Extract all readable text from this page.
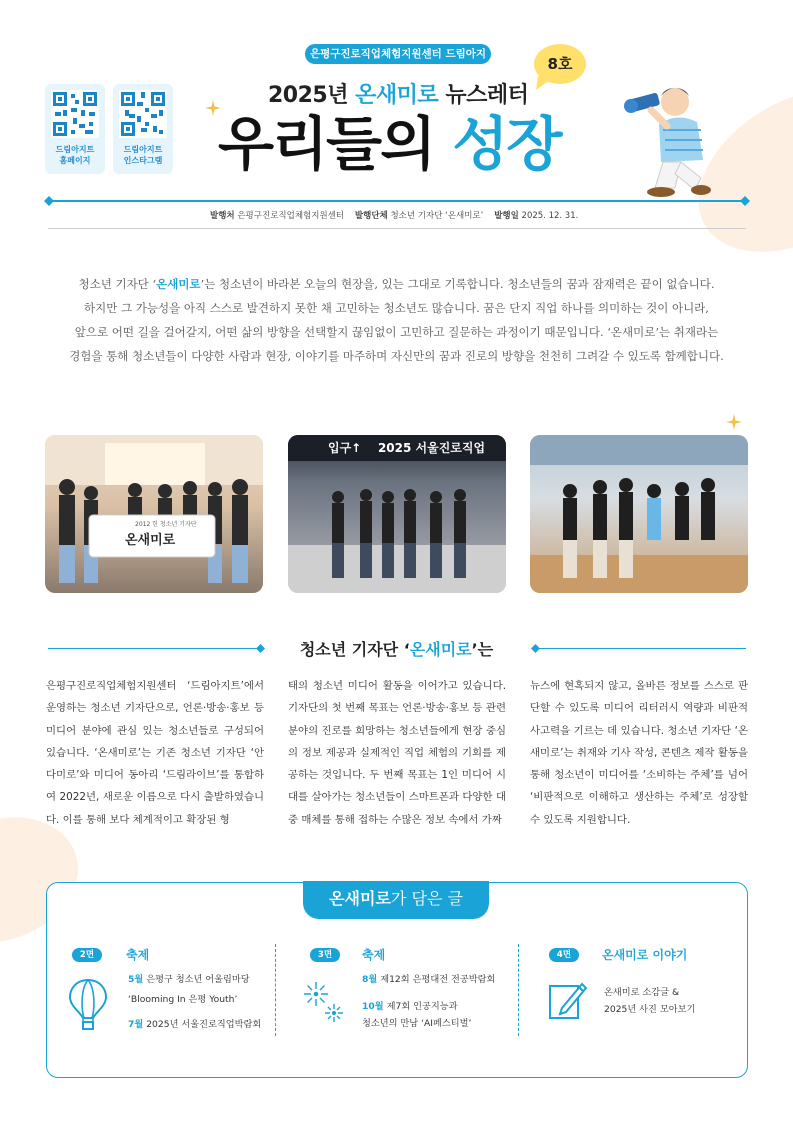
은평구진로직업체험지원센터 드림아지트
드림아지트
홈페이지
드림아지트
인스타그램
2025년 온새미로 뉴스레터
8호
우리들의 성장
발행처 은평구진로직업체험지원센터 발행단체 청소년 기자단 ‘온새미로’ 발행일 2025. 12. 31.
청소년 기자단 ‘온새미로’는 청소년이 바라본 오늘의 현장을, 있는 그대로 기록합니다. 청소년들의 꿈과 잠재력은 끝이 없습니다.
하지만 그 가능성을 아직 스스로 발견하지 못한 채 고민하는 청소년도 많습니다. 꿈은 단지 직업 하나를 의미하는 것이 아니라,
앞으로 어떤 길을 걸어갈지, 어떤 삶의 방향을 선택할지 끊임없이 고민하고 질문하는 과정이기 때문입니다. ‘온새미로’는 취재라는
경험을 통해 청소년들이 다양한 사람과 현장, 이야기를 마주하며 자신만의 꿈과 진로의 방향을 천천히 그려갈 수 있도록 함께합니다.
2012 힌 청소년 기자단
온새미로
입구↑    2025 서울진로직업
청소년 기자단 ‘온새미로’는
은평구진로직업체험지원센터 ‘드림아지트’에서 운영하는 청소년 기자단으로, 언론·방송·홍보 등 미디어 분야에 관심 있는 청소년들로 구성되어 있습니다. ‘온새미로’는 기존 청소년 기자단 ‘안다미로’와 미디어 동아리 ‘드림라이브’를 통합하여 2022년, 새로운 이름으로 다시 출발하였습니다. 이를 통해 보다 체계적이고 확장된 형
태의 청소년 미디어 활동을 이어가고 있습니다. 기자단의 첫 번째 목표는 언론·방송·홍보 등 관련 분야의 진로를 희망하는 청소년들에게 현장 중심의 정보 제공과 실제적인 직업 체험의 기회를 제공하는 것입니다. 두 번째 목표는 1인 미디어 시대를 살아가는 청소년들이 스마트폰과 다양한 대중 매체를 통해 접하는 수많은 정보 속에서 가짜
뉴스에 현혹되지 않고, 올바른 정보를 스스로 판단할 수 있도록 미디어 리터러시 역량과 비판적 사고력을 기르는 데 있습니다. 청소년 기자단 ‘온새미로’는 취재와 기사 작성, 콘텐츠 제작 활동을 통해 청소년이 미디어를 ‘소비하는 주체’를 넘어 ‘비판적으로 이해하고 생산하는 주체’로 성장할 수 있도록 지원합니다.
온새미로가 담은 글
2면	축제
5월 은평구 청소년 어울림마당
‘Blooming In 은평 Youth’
7월 2025년 서울진로직업박람회
3면	축제
8월 제12회 은평대전 전공박람회
10월 제7회 인공지능과
청소년의 만남 ‘AI페스티벌’
4면	온새미로 이야기
온새미로 소감글 &
2025년 사진 모아보기
